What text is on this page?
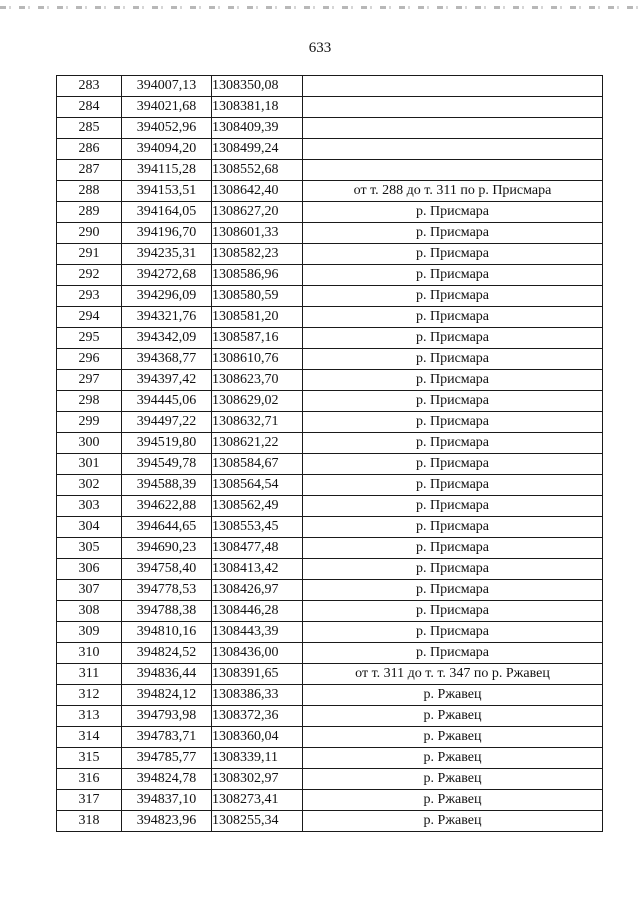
633
283	394007,13	1308350,08	
284	394021,68	1308381,18	
285	394052,96	1308409,39	
286	394094,20	1308499,24	
287	394115,28	1308552,68	
288	394153,51	1308642,40	от т. 288 до т. 311 по р. Присмара
289	394164,05	1308627,20	р. Присмара
290	394196,70	1308601,33	р. Присмара
291	394235,31	1308582,23	р. Присмара
292	394272,68	1308586,96	р. Присмара
293	394296,09	1308580,59	р. Присмара
294	394321,76	1308581,20	р. Присмара
295	394342,09	1308587,16	р. Присмара
296	394368,77	1308610,76	р. Присмара
297	394397,42	1308623,70	р. Присмара
298	394445,06	1308629,02	р. Присмара
299	394497,22	1308632,71	р. Присмара
300	394519,80	1308621,22	р. Присмара
301	394549,78	1308584,67	р. Присмара
302	394588,39	1308564,54	р. Присмара
303	394622,88	1308562,49	р. Присмара
304	394644,65	1308553,45	р. Присмара
305	394690,23	1308477,48	р. Присмара
306	394758,40	1308413,42	р. Присмара
307	394778,53	1308426,97	р. Присмара
308	394788,38	1308446,28	р. Присмара
309	394810,16	1308443,39	р. Присмара
310	394824,52	1308436,00	р. Присмара
311	394836,44	1308391,65	от т. 311 до т. т. 347 по р. Ржавец
312	394824,12	1308386,33	р. Ржавец
313	394793,98	1308372,36	р. Ржавец
314	394783,71	1308360,04	р. Ржавец
315	394785,77	1308339,11	р. Ржавец
316	394824,78	1308302,97	р. Ржавец
317	394837,10	1308273,41	р. Ржавец
318	394823,96	1308255,34	р. Ржавец
